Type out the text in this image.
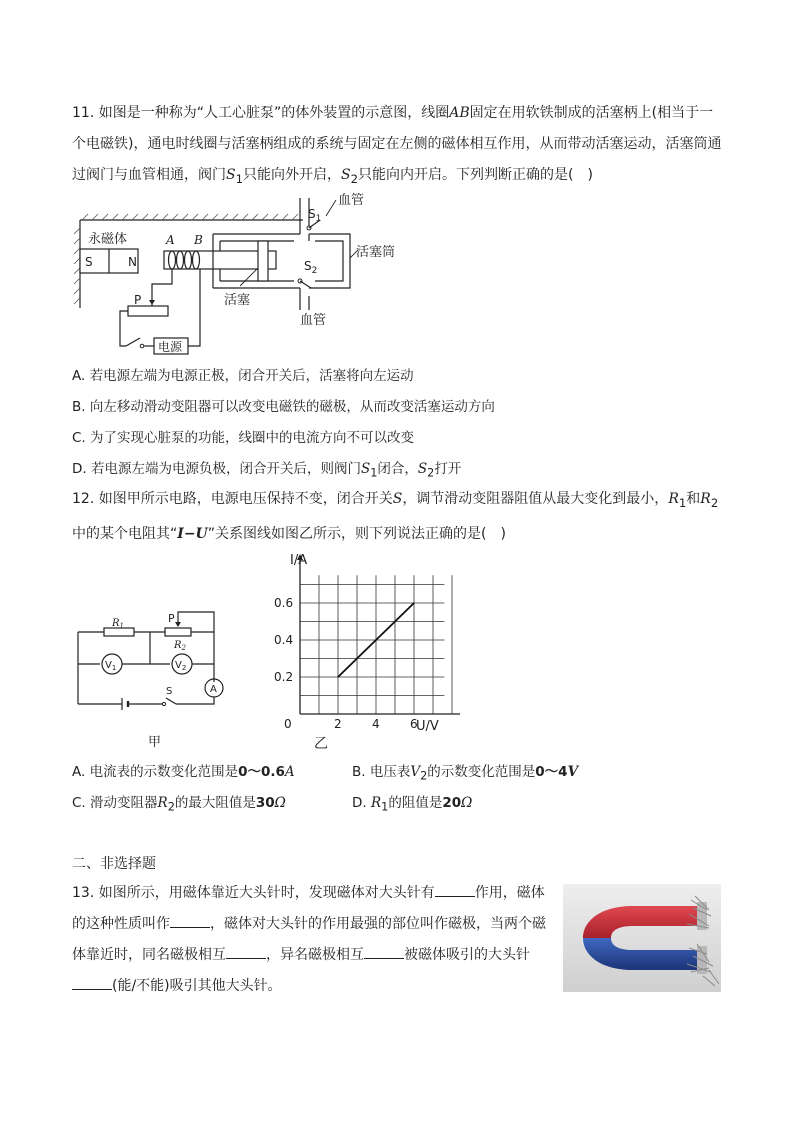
11. 如图是一种称为“人工心脏泵”的体外装置的示意图，线圈AB固定在用软铁制成的活塞柄上(相当于一个电磁铁)，通电时线圈与活塞柄组成的系统与固定在左侧的磁体相互作用，从而带动活塞运动，活塞筒通过阀门与血管相通，阀门$S_1$只能向外开启，$S_2$只能向内开启。下列判断正确的是(　)

永磁体
S	N
A B
$S_1$
$S_2$
血管
血管
活塞筒
活塞
P
电源
A. 若电源左端为电源正极，闭合开关后，活塞将向左运动
B. 向左移动滑动变阻器可以改变电磁铁的磁极，从而改变活塞运动方向
C. 为了实现心脏泵的功能，线圈中的电流方向不可以改变
D. 若电源左端为电源负极，闭合开关后，则阀门$S_1$闭合，$S_2$打开

12. 如图甲所示电路，电源电压保持不变，闭合开关S，调节滑动变阻器阻值从最大变化到最小，$R_1$和$R_2$中的某个电阻其“I−U”关系图线如图乙所示，则下列说法正确的是(　)

$R_1$
P
$R_2$
$V_1$	$V_2$
A
S
甲
0	2	4	6
0.2
0.4
0.6
I/A
U/V
乙
A. 电流表的示数变化范围是0～0.6A	B. 电压表$V_2$的示数变化范围是0～4V
C. 滑动变阻器$R_2$的最大阻值是30Ω	D. $R_1$的阻值是20Ω
二、非选择题

13. 如图所示，用磁体靠近大头针时，发现磁体对大头针有	作用，磁体的这种性质叫作	，磁体对大头针的作用最强的部位叫作磁极，当两个磁体靠近时，同名磁极相互	，异名磁极相互	被磁体吸引的大头针(能/不能)吸引其他大头针。
